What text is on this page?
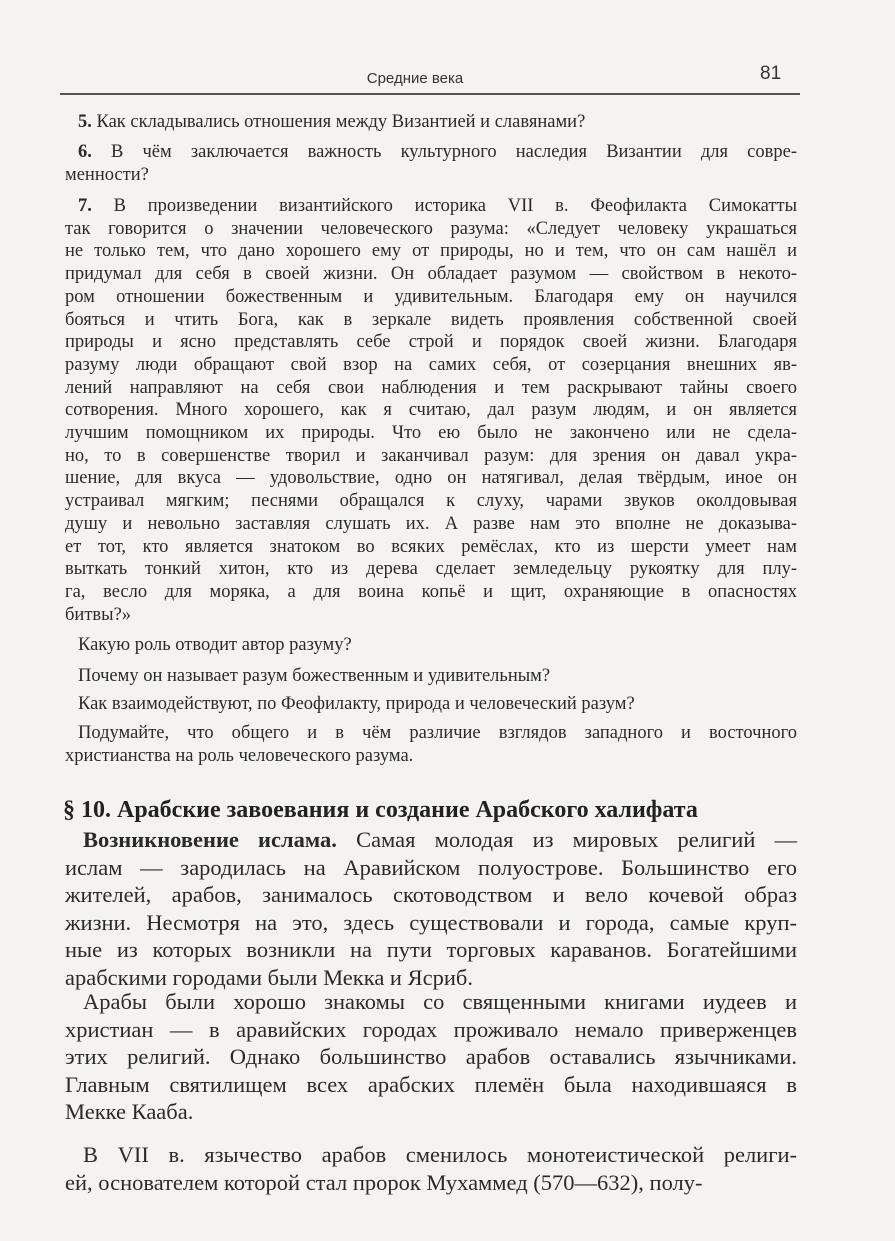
Средние века	81
5. Как складывались отношения между Византией и славянами?
6. В чём заключается важность культурного наследия Византии для совре-
менности?
7. В произведении византийского историка VII в. Феофилакта Симокатты
так говорится о значении человеческого разума: «Следует человеку украшаться
не только тем, что дано хорошего ему от природы, но и тем, что он сам нашёл и
придумал для себя в своей жизни. Он обладает разумом — свойством в некото-
ром отношении божественным и удивительным. Благодаря ему он научился
бояться и чтить Бога, как в зеркале видеть проявления собственной своей
природы и ясно представлять себе строй и порядок своей жизни. Благодаря
разуму люди обращают свой взор на самих себя, от созерцания внешних яв-
лений направляют на себя свои наблюдения и тем раскрывают тайны своего
сотворения. Много хорошего, как я считаю, дал разум людям, и он является
лучшим помощником их природы. Что ею было не закончено или не сдела-
но, то в совершенстве творил и заканчивал разум: для зрения он давал укра-
шение, для вкуса — удовольствие, одно он натягивал, делая твёрдым, иное он
устраивал мягким; песнями обращался к слуху, чарами звуков околдовывая
душу и невольно заставляя слушать их. А разве нам это вполне не доказыва-
ет тот, кто является знатоком во всяких ремёслах, кто из шерсти умеет нам
выткать тонкий хитон, кто из дерева сделает земледельцу рукоятку для плу-
га, весло для моряка, а для воина копьё и щит, охраняющие в опасностях
битвы?»
Какую роль отводит автор разуму?
Почему он называет разум божественным и удивительным?
Как взаимодействуют, по Феофилакту, природа и человеческий разум?
Подумайте, что общего и в чём различие взглядов западного и восточного
христианства на роль человеческого разума.
§ 10. Арабские завоевания и создание Арабского халифата
Возникновение ислама. Самая молодая из мировых религий —
ислам — зародилась на Аравийском полуострове. Большинство его
жителей, арабов, занималось скотоводством и вело кочевой образ
жизни. Несмотря на это, здесь существовали и города, самые круп-
ные из которых возникли на пути торговых караванов. Богатейшими
арабскими городами были Мекка и Ясриб.
Арабы были хорошо знакомы со священными книгами иудеев и
христиан — в аравийских городах проживало немало приверженцев
этих религий. Однако большинство арабов оставались язычниками.
Главным святилищем всех арабских племён была находившаяся в
Мекке Кааба.
В VII в. язычество арабов сменилось монотеистической религи-
ей, основателем которой стал пророк Мухаммед (570—632), полу-
